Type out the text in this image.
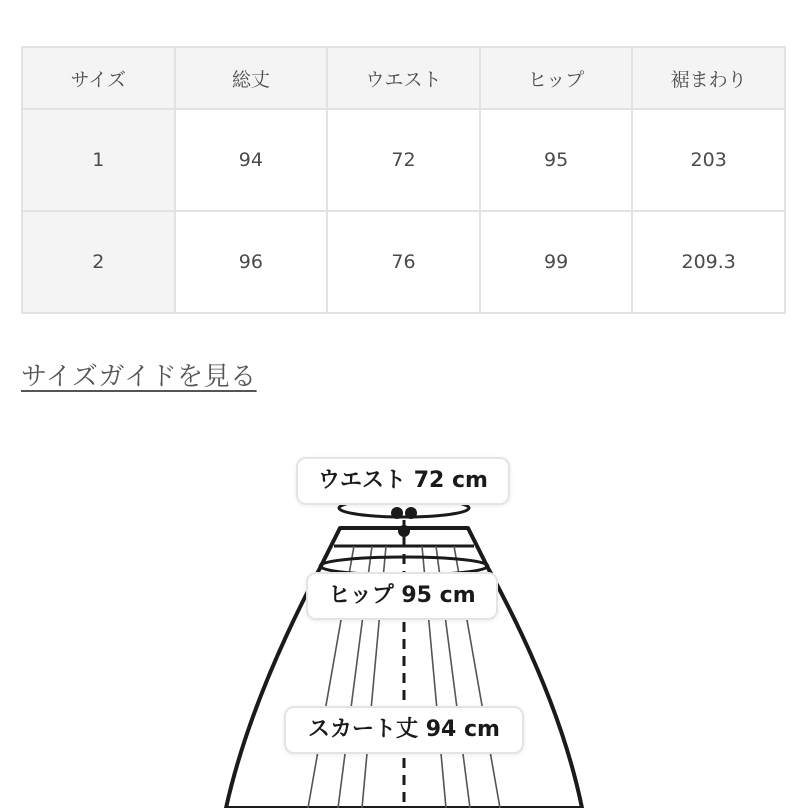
サイズ	総丈	ウエスト	ヒップ	裾まわり
1	94	72	95	203
2	96	76	99	209.3
サイズガイドを見る
ウエスト 72 cm
ヒップ 95 cm
スカート丈 94 cm
